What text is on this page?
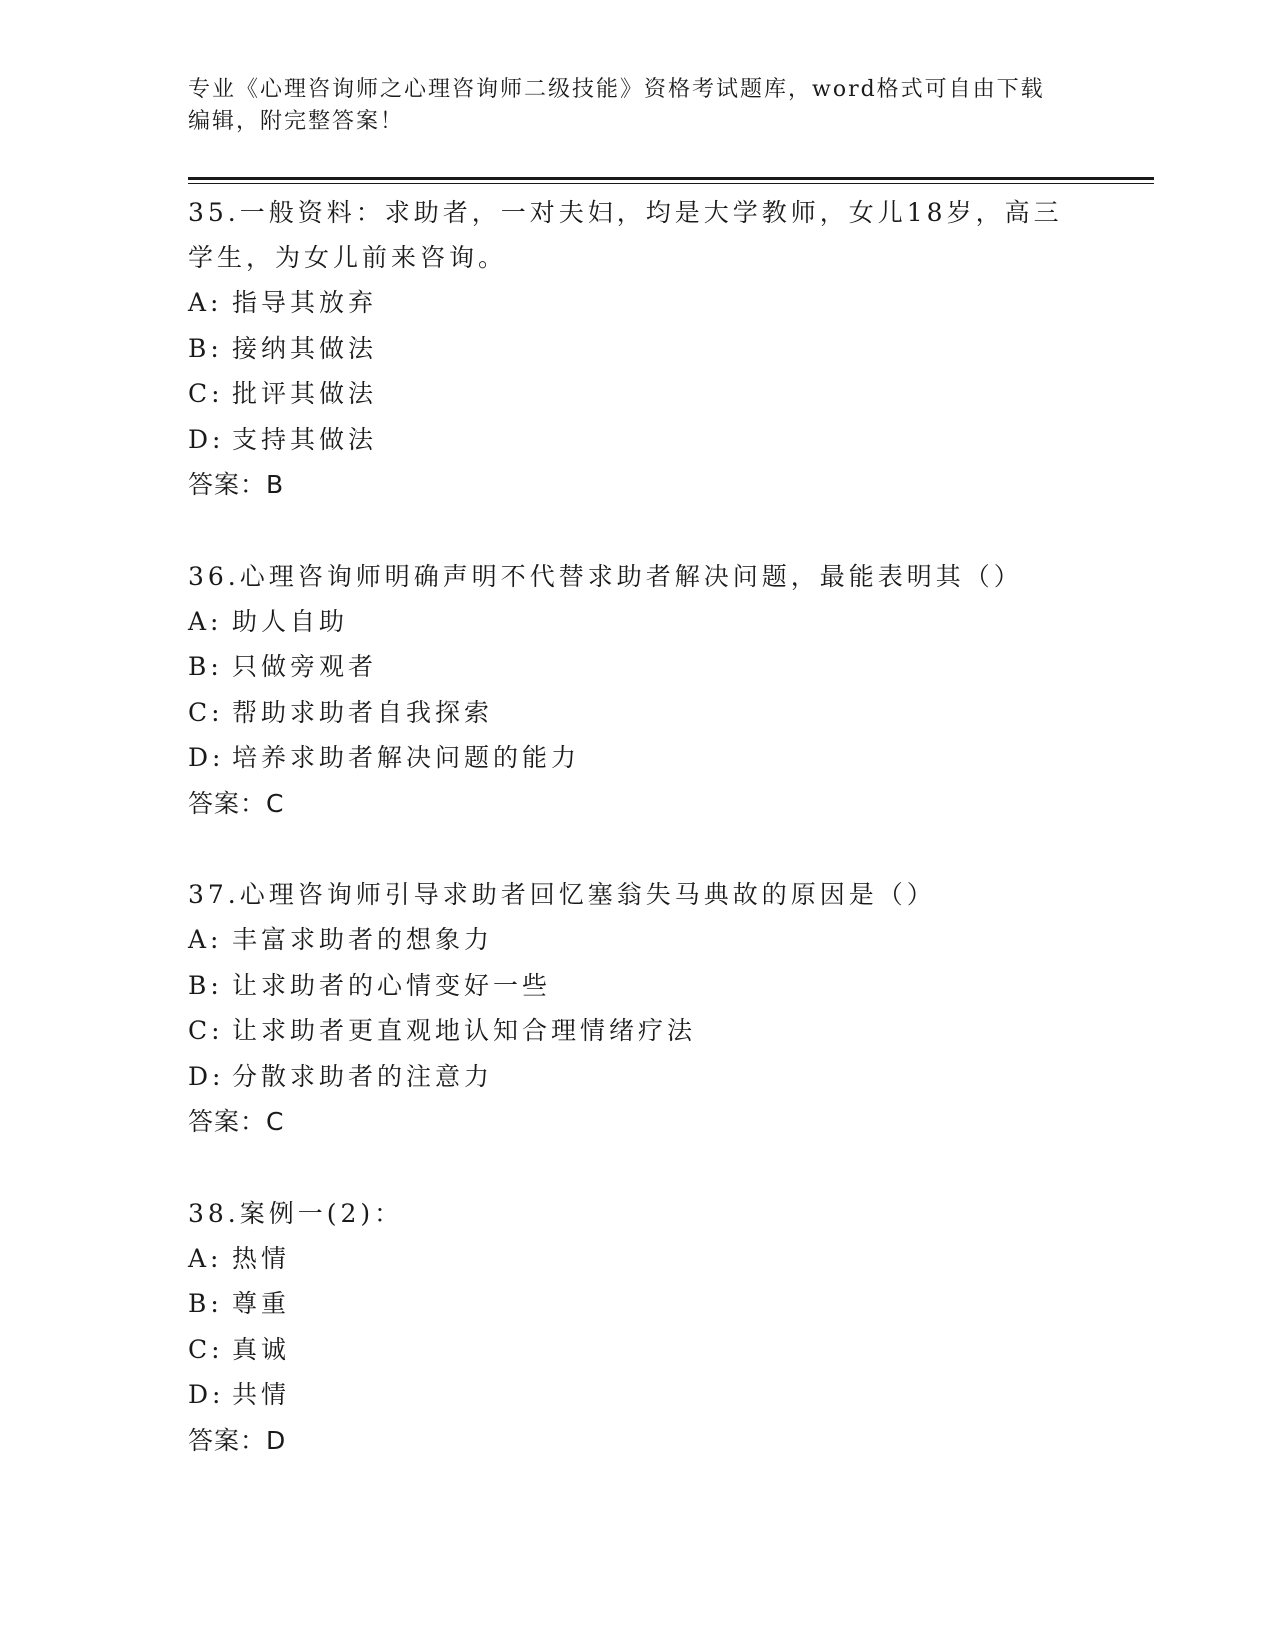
专业《心理咨询师之心理咨询师二级技能》资格考试题库，word格式可自由下载
编辑，附完整答案！

35.一般资料：求助者，一对夫妇，均是大学教师，女儿18岁，高三
学生，为女儿前来咨询。

A: 指导其放弃

B: 接纳其做法

C: 批评其做法

D: 支持其做法

答案：B

36.心理咨询师明确声明不代替求助者解决问题，最能表明其（）

A: 助人自助

B: 只做旁观者

C: 帮助求助者自我探索

D: 培养求助者解决问题的能力

答案：C

37.心理咨询师引导求助者回忆塞翁失马典故的原因是（）

A: 丰富求助者的想象力

B: 让求助者的心情变好一些

C: 让求助者更直观地认知合理情绪疗法

D: 分散求助者的注意力

答案：C

38.案例一(2)：

A: 热情

B: 尊重

C: 真诚

D: 共情

答案：D
